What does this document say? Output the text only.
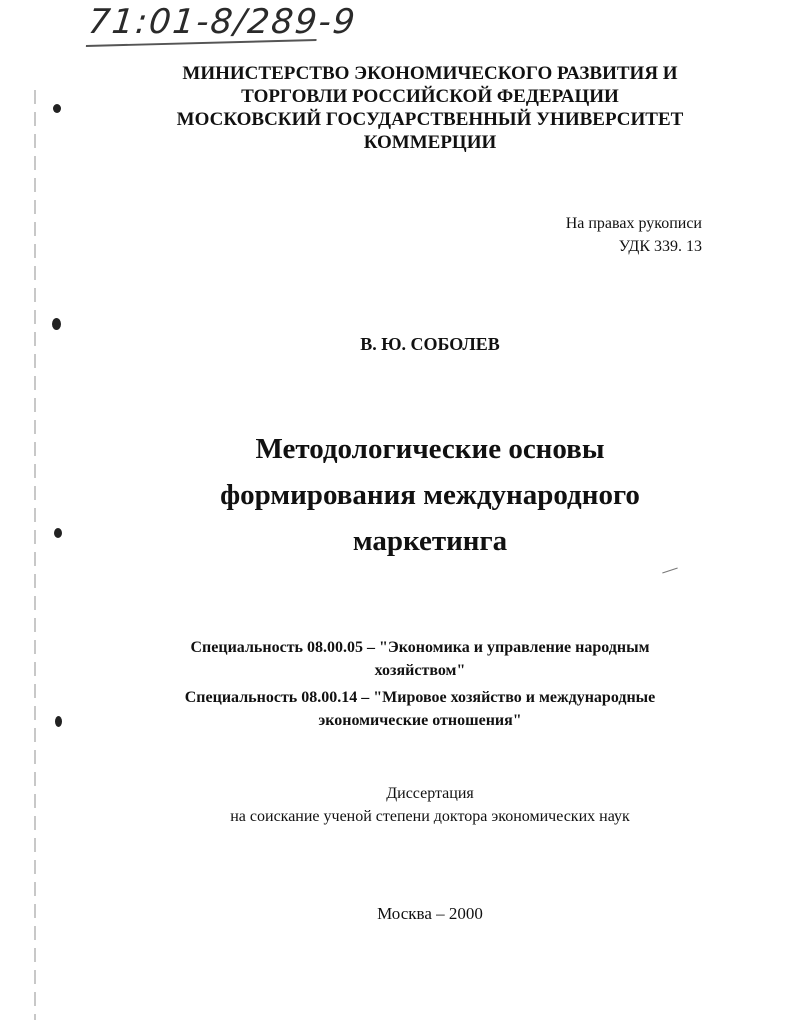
71:01-8/289-9
МИНИСТЕРСТВО ЭКОНОМИЧЕСКОГО РАЗВИТИЯ И
ТОРГОВЛИ РОССИЙСКОЙ ФЕДЕРАЦИИ
МОСКОВСКИЙ ГОСУДАРСТВЕННЫЙ УНИВЕРСИТЕТ
КОММЕРЦИИ
На правах рукописи
УДК 339. 13
В. Ю. СОБОЛЕВ
Методологические основы
формирования международного
маркетинга
Специальность 08.00.05 – "Экономика и управление народным
хозяйством"
Специальность 08.00.14 – "Мировое хозяйство и международные
экономические отношения"
Диссертация
на соискание ученой степени доктора экономических наук
Москва – 2000
